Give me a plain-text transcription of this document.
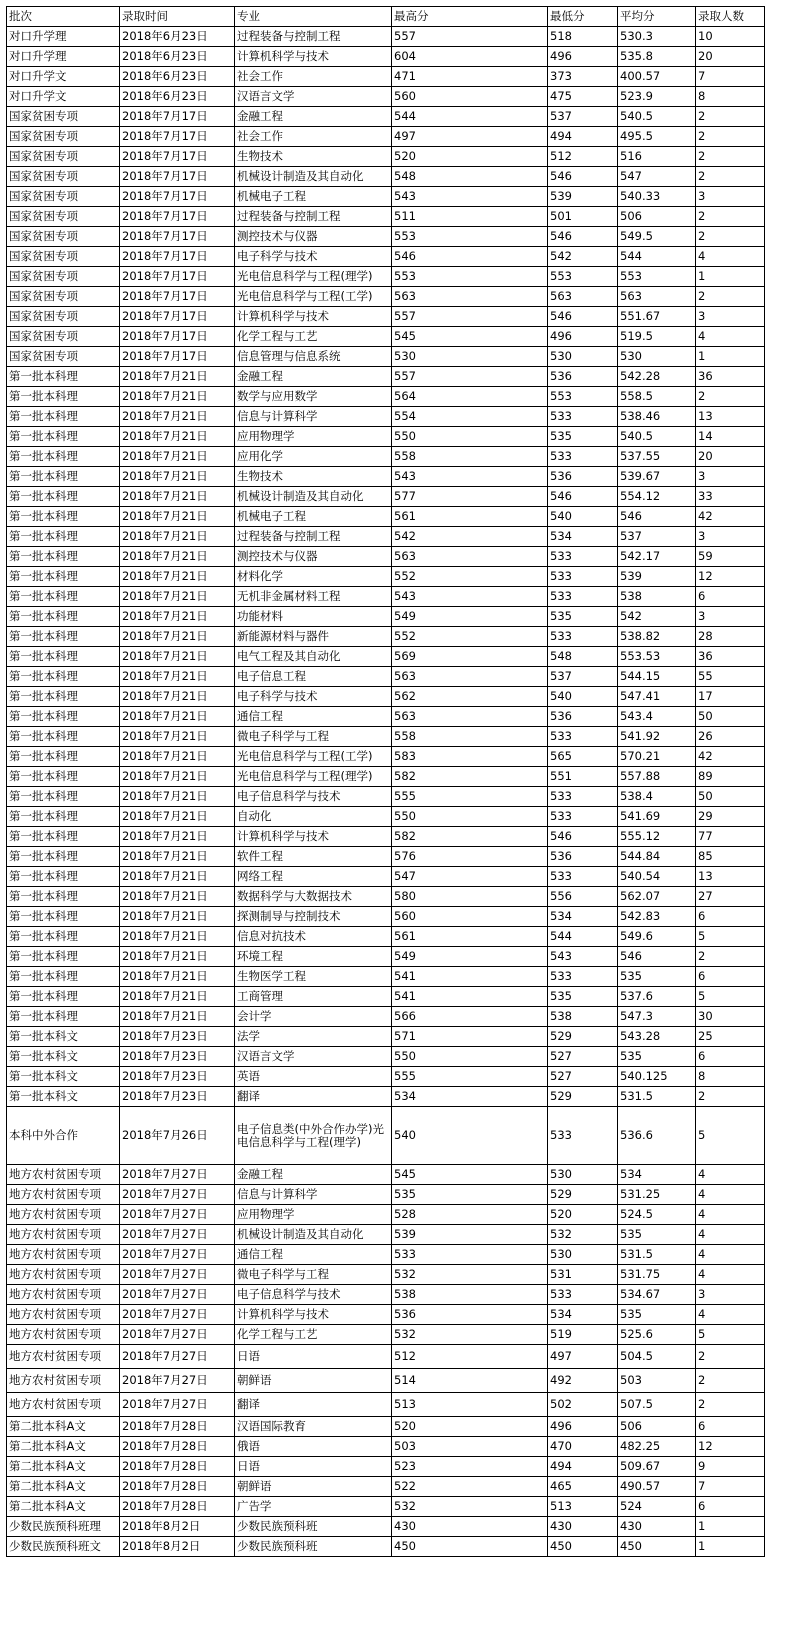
批次	录取时间	专业	最高分	最低分	平均分	录取人数
对口升学理	2018年6月23日	过程装备与控制工程	557	518	530.3	10
对口升学理	2018年6月23日	计算机科学与技术	604	496	535.8	20
对口升学文	2018年6月23日	社会工作	471	373	400.57	7
对口升学文	2018年6月23日	汉语言文学	560	475	523.9	8
国家贫困专项	2018年7月17日	金融工程	544	537	540.5	2
国家贫困专项	2018年7月17日	社会工作	497	494	495.5	2
国家贫困专项	2018年7月17日	生物技术	520	512	516	2
国家贫困专项	2018年7月17日	机械设计制造及其自动化	548	546	547	2
国家贫困专项	2018年7月17日	机械电子工程	543	539	540.33	3
国家贫困专项	2018年7月17日	过程装备与控制工程	511	501	506	2
国家贫困专项	2018年7月17日	测控技术与仪器	553	546	549.5	2
国家贫困专项	2018年7月17日	电子科学与技术	546	542	544	4
国家贫困专项	2018年7月17日	光电信息科学与工程(理学)	553	553	553	1
国家贫困专项	2018年7月17日	光电信息科学与工程(工学)	563	563	563	2
国家贫困专项	2018年7月17日	计算机科学与技术	557	546	551.67	3
国家贫困专项	2018年7月17日	化学工程与工艺	545	496	519.5	4
国家贫困专项	2018年7月17日	信息管理与信息系统	530	530	530	1
第一批本科理	2018年7月21日	金融工程	557	536	542.28	36
第一批本科理	2018年7月21日	数学与应用数学	564	553	558.5	2
第一批本科理	2018年7月21日	信息与计算科学	554	533	538.46	13
第一批本科理	2018年7月21日	应用物理学	550	535	540.5	14
第一批本科理	2018年7月21日	应用化学	558	533	537.55	20
第一批本科理	2018年7月21日	生物技术	543	536	539.67	3
第一批本科理	2018年7月21日	机械设计制造及其自动化	577	546	554.12	33
第一批本科理	2018年7月21日	机械电子工程	561	540	546	42
第一批本科理	2018年7月21日	过程装备与控制工程	542	534	537	3
第一批本科理	2018年7月21日	测控技术与仪器	563	533	542.17	59
第一批本科理	2018年7月21日	材料化学	552	533	539	12
第一批本科理	2018年7月21日	无机非金属材料工程	543	533	538	6
第一批本科理	2018年7月21日	功能材料	549	535	542	3
第一批本科理	2018年7月21日	新能源材料与器件	552	533	538.82	28
第一批本科理	2018年7月21日	电气工程及其自动化	569	548	553.53	36
第一批本科理	2018年7月21日	电子信息工程	563	537	544.15	55
第一批本科理	2018年7月21日	电子科学与技术	562	540	547.41	17
第一批本科理	2018年7月21日	通信工程	563	536	543.4	50
第一批本科理	2018年7月21日	微电子科学与工程	558	533	541.92	26
第一批本科理	2018年7月21日	光电信息科学与工程(工学)	583	565	570.21	42
第一批本科理	2018年7月21日	光电信息科学与工程(理学)	582	551	557.88	89
第一批本科理	2018年7月21日	电子信息科学与技术	555	533	538.4	50
第一批本科理	2018年7月21日	自动化	550	533	541.69	29
第一批本科理	2018年7月21日	计算机科学与技术	582	546	555.12	77
第一批本科理	2018年7月21日	软件工程	576	536	544.84	85
第一批本科理	2018年7月21日	网络工程	547	533	540.54	13
第一批本科理	2018年7月21日	数据科学与大数据技术	580	556	562.07	27
第一批本科理	2018年7月21日	探测制导与控制技术	560	534	542.83	6
第一批本科理	2018年7月21日	信息对抗技术	561	544	549.6	5
第一批本科理	2018年7月21日	环境工程	549	543	546	2
第一批本科理	2018年7月21日	生物医学工程	541	533	535	6
第一批本科理	2018年7月21日	工商管理	541	535	537.6	5
第一批本科理	2018年7月21日	会计学	566	538	547.3	30
第一批本科文	2018年7月23日	法学	571	529	543.28	25
第一批本科文	2018年7月23日	汉语言文学	550	527	535	6
第一批本科文	2018年7月23日	英语	555	527	540.125	8
第一批本科文	2018年7月23日	翻译	534	529	531.5	2
本科中外合作	2018年7月26日	电子信息类(中外合作办学)光电信息科学与工程(理学)	540	533	536.6	5
地方农村贫困专项	2018年7月27日	金融工程	545	530	534	4
地方农村贫困专项	2018年7月27日	信息与计算科学	535	529	531.25	4
地方农村贫困专项	2018年7月27日	应用物理学	528	520	524.5	4
地方农村贫困专项	2018年7月27日	机械设计制造及其自动化	539	532	535	4
地方农村贫困专项	2018年7月27日	通信工程	533	530	531.5	4
地方农村贫困专项	2018年7月27日	微电子科学与工程	532	531	531.75	4
地方农村贫困专项	2018年7月27日	电子信息科学与技术	538	533	534.67	3
地方农村贫困专项	2018年7月27日	计算机科学与技术	536	534	535	4
地方农村贫困专项	2018年7月27日	化学工程与工艺	532	519	525.6	5
地方农村贫困专项	2018年7月27日	日语	512	497	504.5	2
地方农村贫困专项	2018年7月27日	朝鲜语	514	492	503	2
地方农村贫困专项	2018年7月27日	翻译	513	502	507.5	2
第二批本科A文	2018年7月28日	汉语国际教育	520	496	506	6
第二批本科A文	2018年7月28日	俄语	503	470	482.25	12
第二批本科A文	2018年7月28日	日语	523	494	509.67	9
第二批本科A文	2018年7月28日	朝鲜语	522	465	490.57	7
第二批本科A文	2018年7月28日	广告学	532	513	524	6
少数民族预科班理	2018年8月2日	少数民族预科班	430	430	430	1
少数民族预科班文	2018年8月2日	少数民族预科班	450	450	450	1
